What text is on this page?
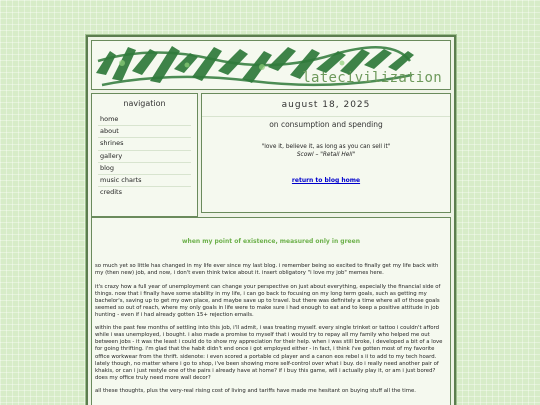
latecivilization
navigation
home
about
shrines
gallery
blog
music charts
credits
august 18, 2025
on consumption and spending
"love it, believe it, as long as you can sell it"
Scowl – "Retail Hell"
return to blog home
when my point of existence, measured only in green

so much yet so little has changed in my life ever since my last blog. i remember being so excited to finally get my life back with my (then new) job, and now, i don't even think twice about it. insert obligatory "i love my job" memes here.

it's crazy how a full year of unemployment can change your perspective on just about everything, especially the financial side of things. now that i finally have some stability in my life, i can go back to focusing on my long term goals, such as getting my bachelor's, saving up to get my own place, and maybe save up to travel. but there was definitely a time where all of those goals seemed so out of reach, where my only goals in life were to make sure i had enough to eat and to keep a positive attitude in job hunting - even if i had already gotten 15+ rejection emails.

within the past few months of settling into this job, i'll admit, i was treating myself. every single trinket or tattoo i couldn't afford while i was unemployed, i bought. i also made a promise to myself that i would try to repay all my family who helped me out between jobs - it was the least i could do to show my appreciation for their help. when i was still broke, i developed a bit of a love for going thrifting. i'm glad that the habit didn't end once i got employed either - in fact, i think i've gotten most of my favorite office workwear from the thrift. sidenote: i even scored a portable cd player and a canon eos rebel s ii to add to my tech hoard. lately though, no matter where i go to shop, i've been showing more self-control over what i buy. do i really need another pair of khakis, or can i just restyle one of the pairs i already have at home? if i buy this game, will i actually play it, or am i just bored? does my office truly need more wall decor?

all these thoughts, plus the very-real rising cost of living and tariffs have made me hesitant on buying stuff all the time.
